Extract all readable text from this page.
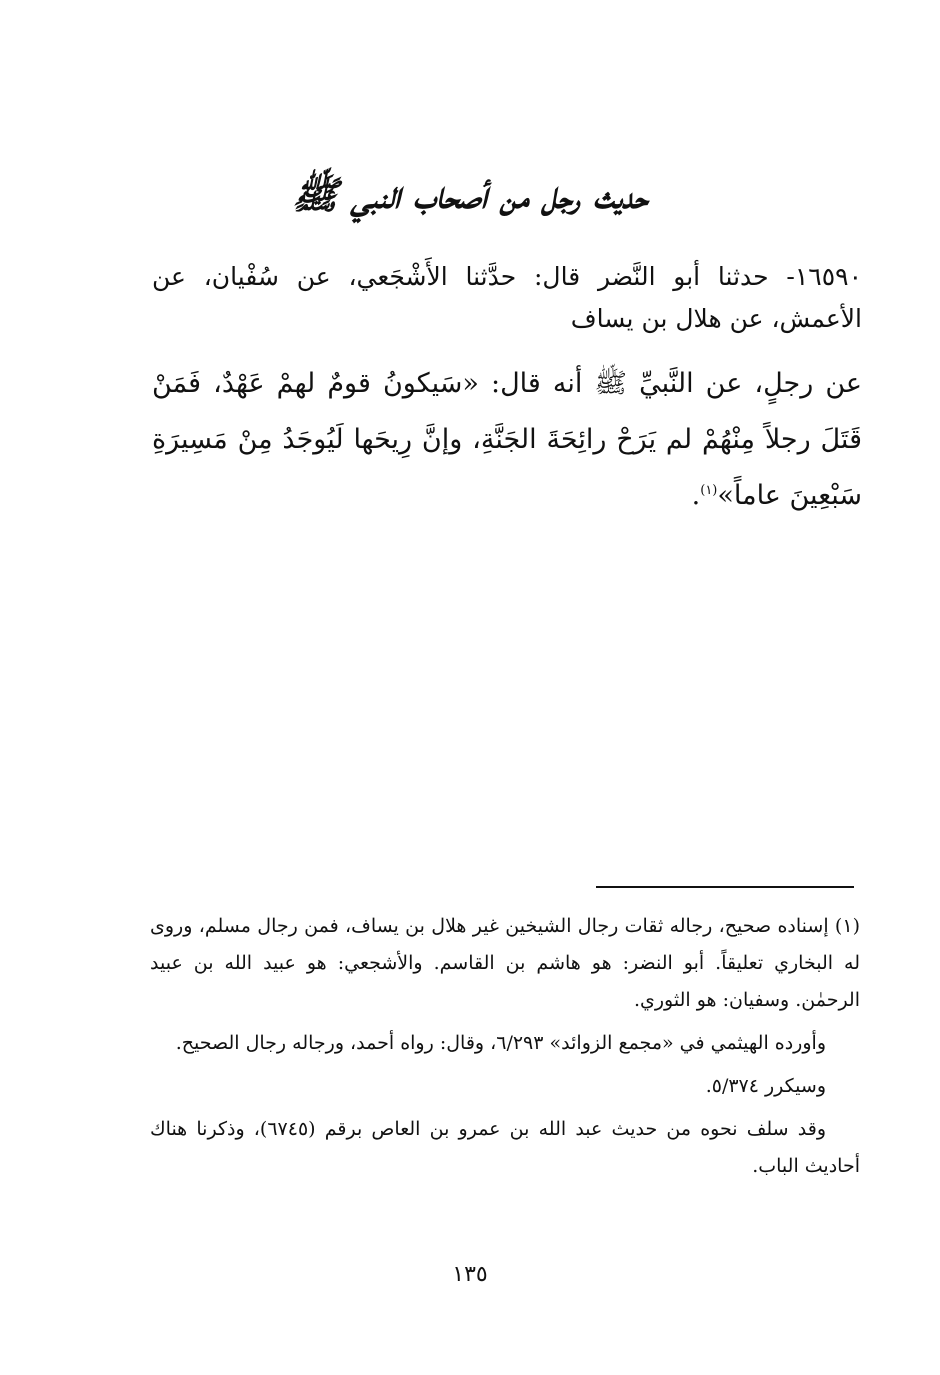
حديث رجل من أصحاب النبي ﷺ

١٦٥٩٠- حدثنا أبو النَّضر قال: حدَّثنا الأَشْجَعي، عن سُفْيان، عن الأعمش، عن هلال بن يساف

عن رجلٍ، عن النَّبيِّ ﷺ أنه قال: «سَيكونُ قومٌ لهمْ عَهْدٌ، فَمَنْ قَتَلَ رجلاً مِنْهُمْ لم يَرَحْ رائِحَةَ الجَنَّةِ، وإنَّ رِيحَها لَيُوجَدُ مِنْ مَسِيرَةِ سَبْعِينَ عاماً»$^{(١)}$.

(١) إسناده صحيح، رجاله ثقات رجال الشيخين غير هلال بن يساف، فمن رجال مسلم، وروى له البخاري تعليقاً. أبو النضر: هو هاشم بن القاسم. والأشجعي: هو عبيد الله بن عبيد الرحمٰن. وسفيان: هو الثوري.

وأورده الهيثمي في «مجمع الزوائد» ٦/٢٩٣، وقال: رواه أحمد، ورجاله رجال الصحيح.

وسيكرر ٥/٣٧٤.

وقد سلف نحوه من حديث عبد الله بن عمرو بن العاص برقم (٦٧٤٥)، وذكرنا هناك أحاديث الباب.

١٣٥
